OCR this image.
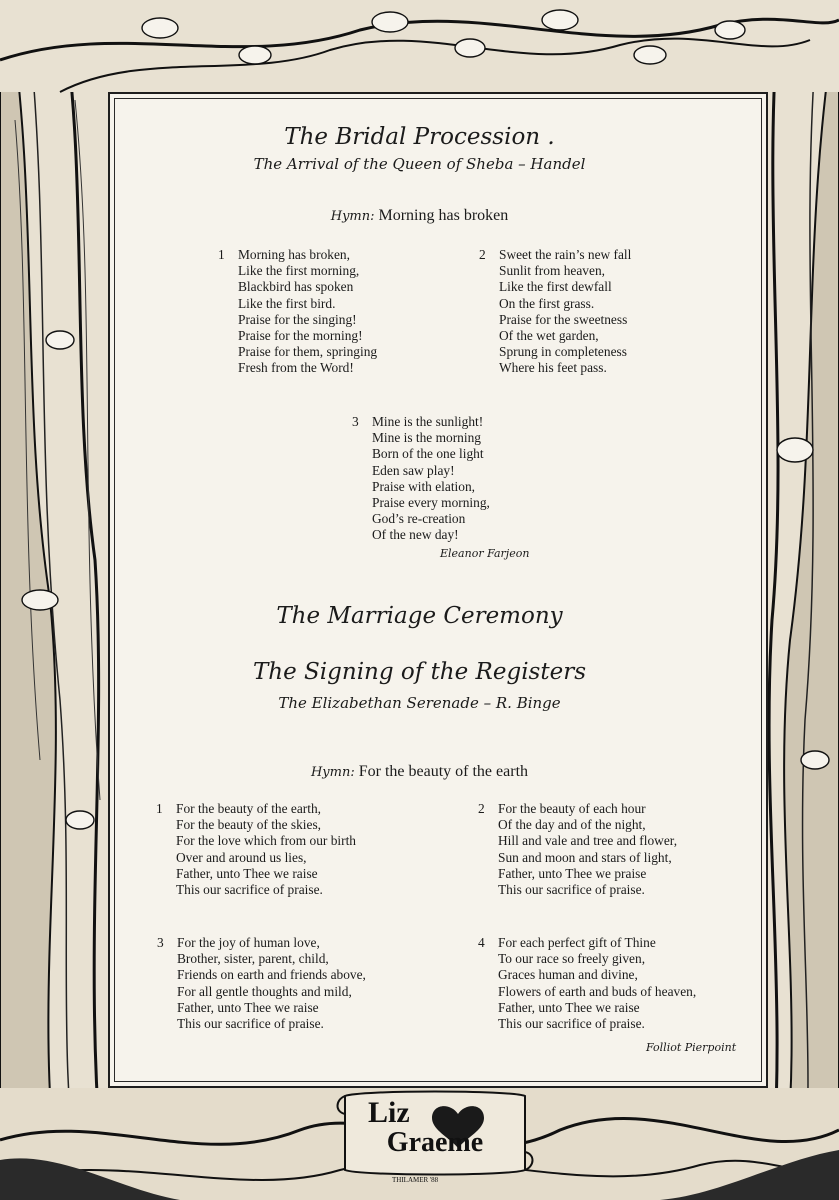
The Bridal Procession .
The Arrival of the Queen of Sheba – Handel
Hymn: Morning has broken
1 Morning has broken,
Like the first morning,
Blackbird has spoken
Like the first bird.
Praise for the singing!
Praise for the morning!
Praise for them, springing
Fresh from the Word!
2 Sweet the rain’s new fall
Sunlit from heaven,
Like the first dewfall
On the first grass.
Praise for the sweetness
Of the wet garden,
Sprung in completeness
Where his feet pass.
3 Mine is the sunlight!
Mine is the morning
Born of the one light
Eden saw play!
Praise with elation,
Praise every morning,
God’s re-creation
Of the new day!
Eleanor Farjeon
The Marriage Ceremony
The Signing of the Registers
The Elizabethan Serenade – R. Binge
Hymn: For the beauty of the earth
1 For the beauty of the earth,
For the beauty of the skies,
For the love which from our birth
Over and around us lies,
Father, unto Thee we raise
This our sacrifice of praise.
2 For the beauty of each hour
Of the day and of the night,
Hill and vale and tree and flower,
Sun and moon and stars of light,
Father, unto Thee we praise
This our sacrifice of praise.
3 For the joy of human love,
Brother, sister, parent, child,
Friends on earth and friends above,
For all gentle thoughts and mild,
Father, unto Thee we raise
This our sacrifice of praise.
4 For each perfect gift of Thine
To our race so freely given,
Graces human and divine,
Flowers of earth and buds of heaven,
Father, unto Thee we raise
This our sacrifice of praise.
Folliot Pierpoint
Liz
Graeme
THILAMER '88
